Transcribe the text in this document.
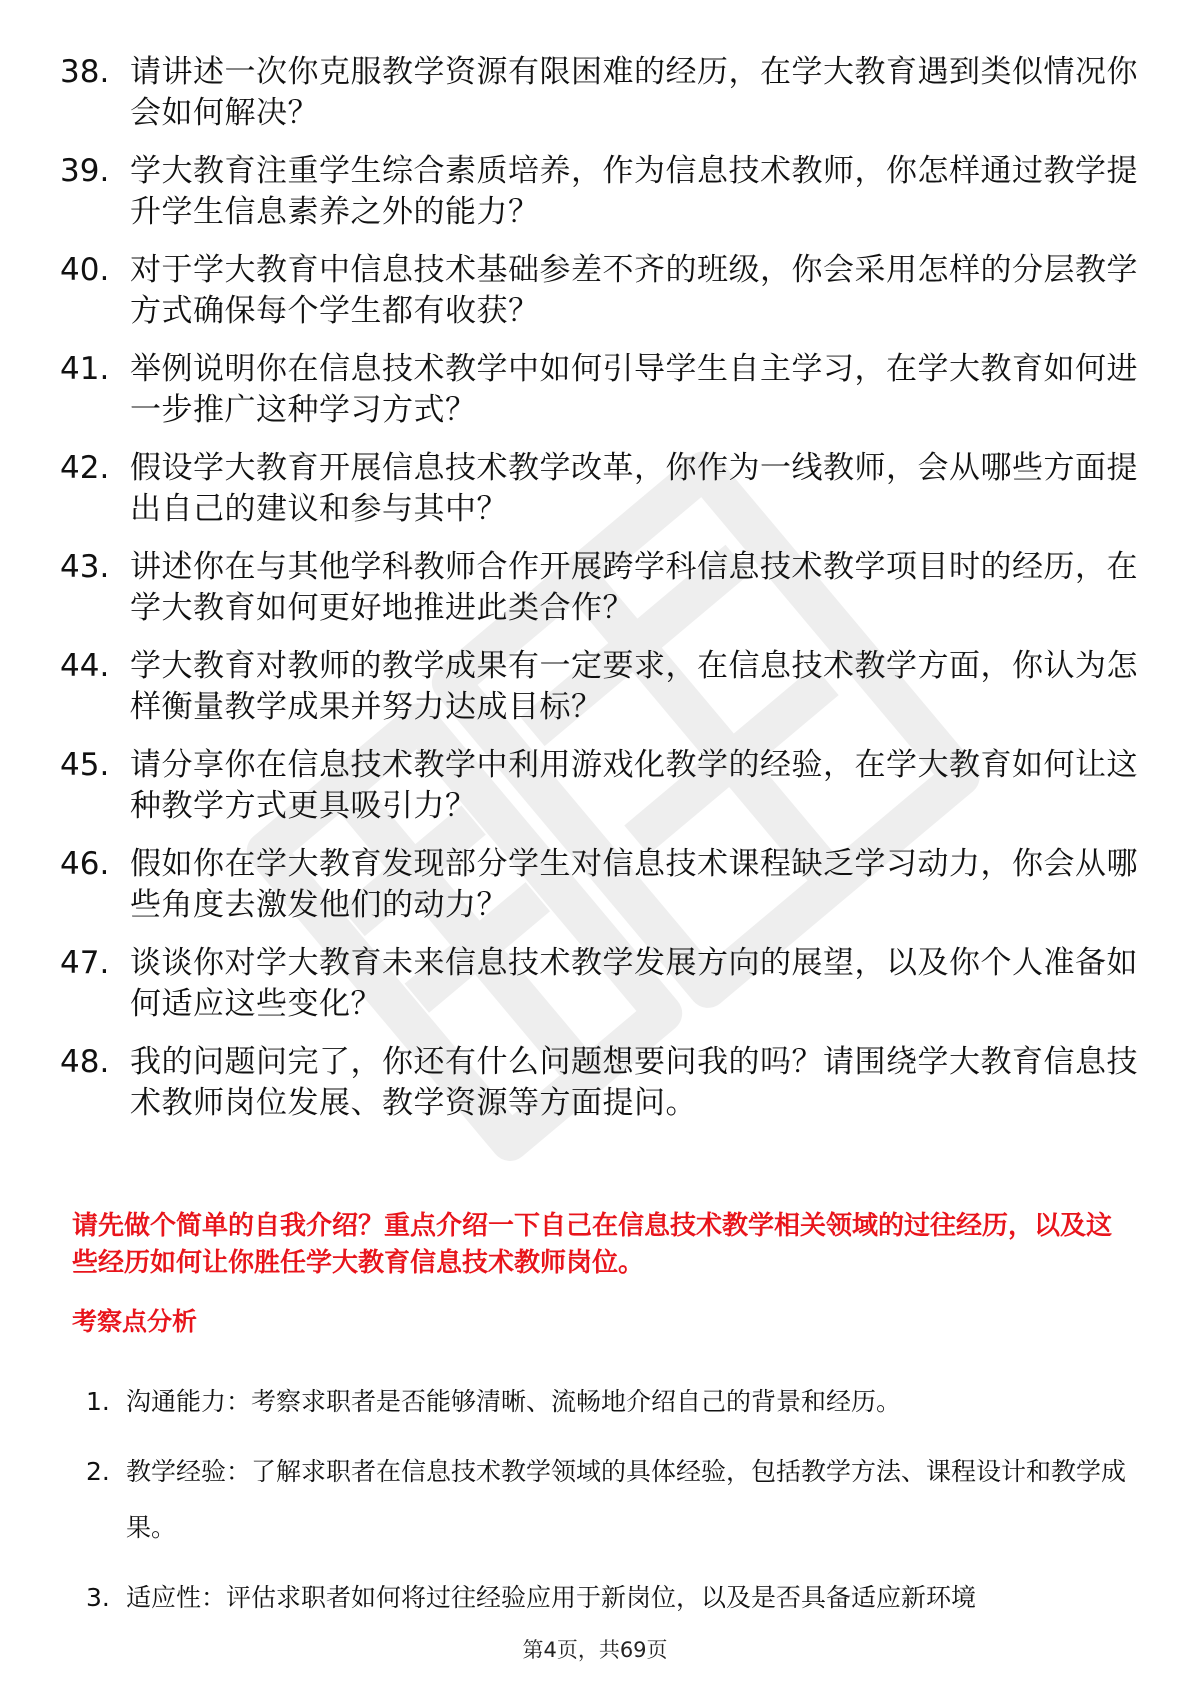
38. 请讲述一次你克服教学资源有限困难的经历，在学大教育遇到类似情况你会如何解决？
39. 学大教育注重学生综合素质培养，作为信息技术教师，你怎样通过教学提升学生信息素养之外的能力？
40. 对于学大教育中信息技术基础参差不齐的班级，你会采用怎样的分层教学方式确保每个学生都有收获？
41. 举例说明你在信息技术教学中如何引导学生自主学习，在学大教育如何进一步推广这种学习方式？
42. 假设学大教育开展信息技术教学改革，你作为一线教师，会从哪些方面提出自己的建议和参与其中？
43. 讲述你在与其他学科教师合作开展跨学科信息技术教学项目时的经历，在学大教育如何更好地推进此类合作？
44. 学大教育对教师的教学成果有一定要求，在信息技术教学方面，你认为怎样衡量教学成果并努力达成目标？
45. 请分享你在信息技术教学中利用游戏化教学的经验，在学大教育如何让这种教学方式更具吸引力？
46. 假如你在学大教育发现部分学生对信息技术课程缺乏学习动力，你会从哪些角度去激发他们的动力？
47. 谈谈你对学大教育未来信息技术教学发展方向的展望，以及你个人准备如何适应这些变化？
48. 我的问题问完了，你还有什么问题想要问我的吗？请围绕学大教育信息技术教师岗位发展、教学资源等方面提问。
请先做个简单的自我介绍？重点介绍一下自己在信息技术教学相关领域的过往经历，以及这些经历如何让你胜任学大教育信息技术教师岗位。
考察点分析
1. 沟通能力：考察求职者是否能够清晰、流畅地介绍自己的背景和经历。
2. 教学经验：了解求职者在信息技术教学领域的具体经验，包括教学方法、课程设计和教学成果。
3. 适应性：评估求职者如何将过往经验应用于新岗位，以及是否具备适应新环境
第4页，共69页
